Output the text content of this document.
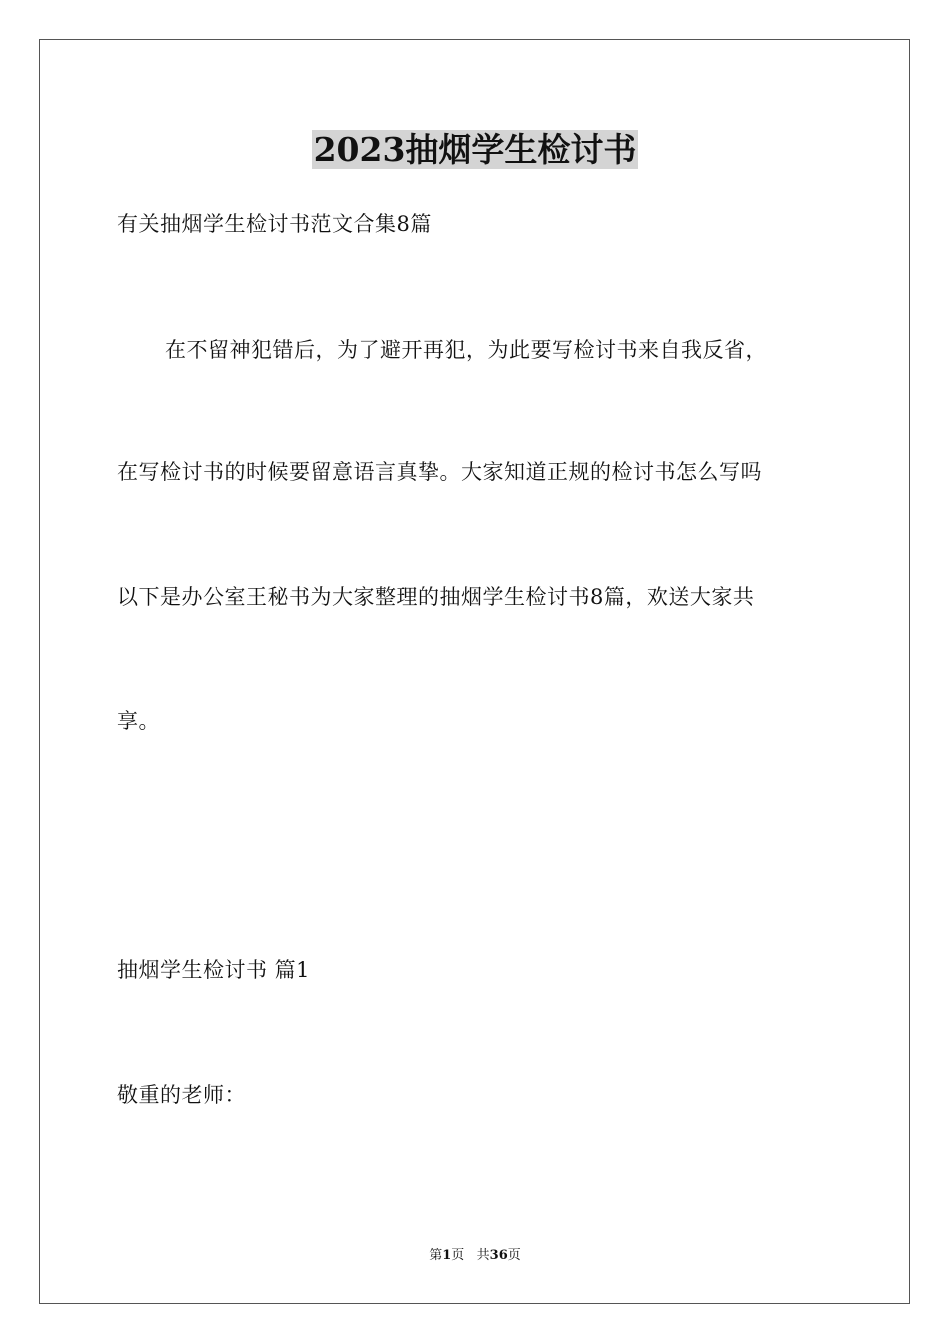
2023抽烟学生检讨书
有关抽烟学生检讨书范文合集8篇
在不留神犯错后，为了避开再犯，为此要写检讨书来自我反省，
在写检讨书的时候要留意语言真挚。大家知道正规的检讨书怎么写吗
以下是办公室王秘书为大家整理的抽烟学生检讨书8篇，欢送大家共
享。
抽烟学生检讨书 篇1
敬重的老师：
第1页   共36页
